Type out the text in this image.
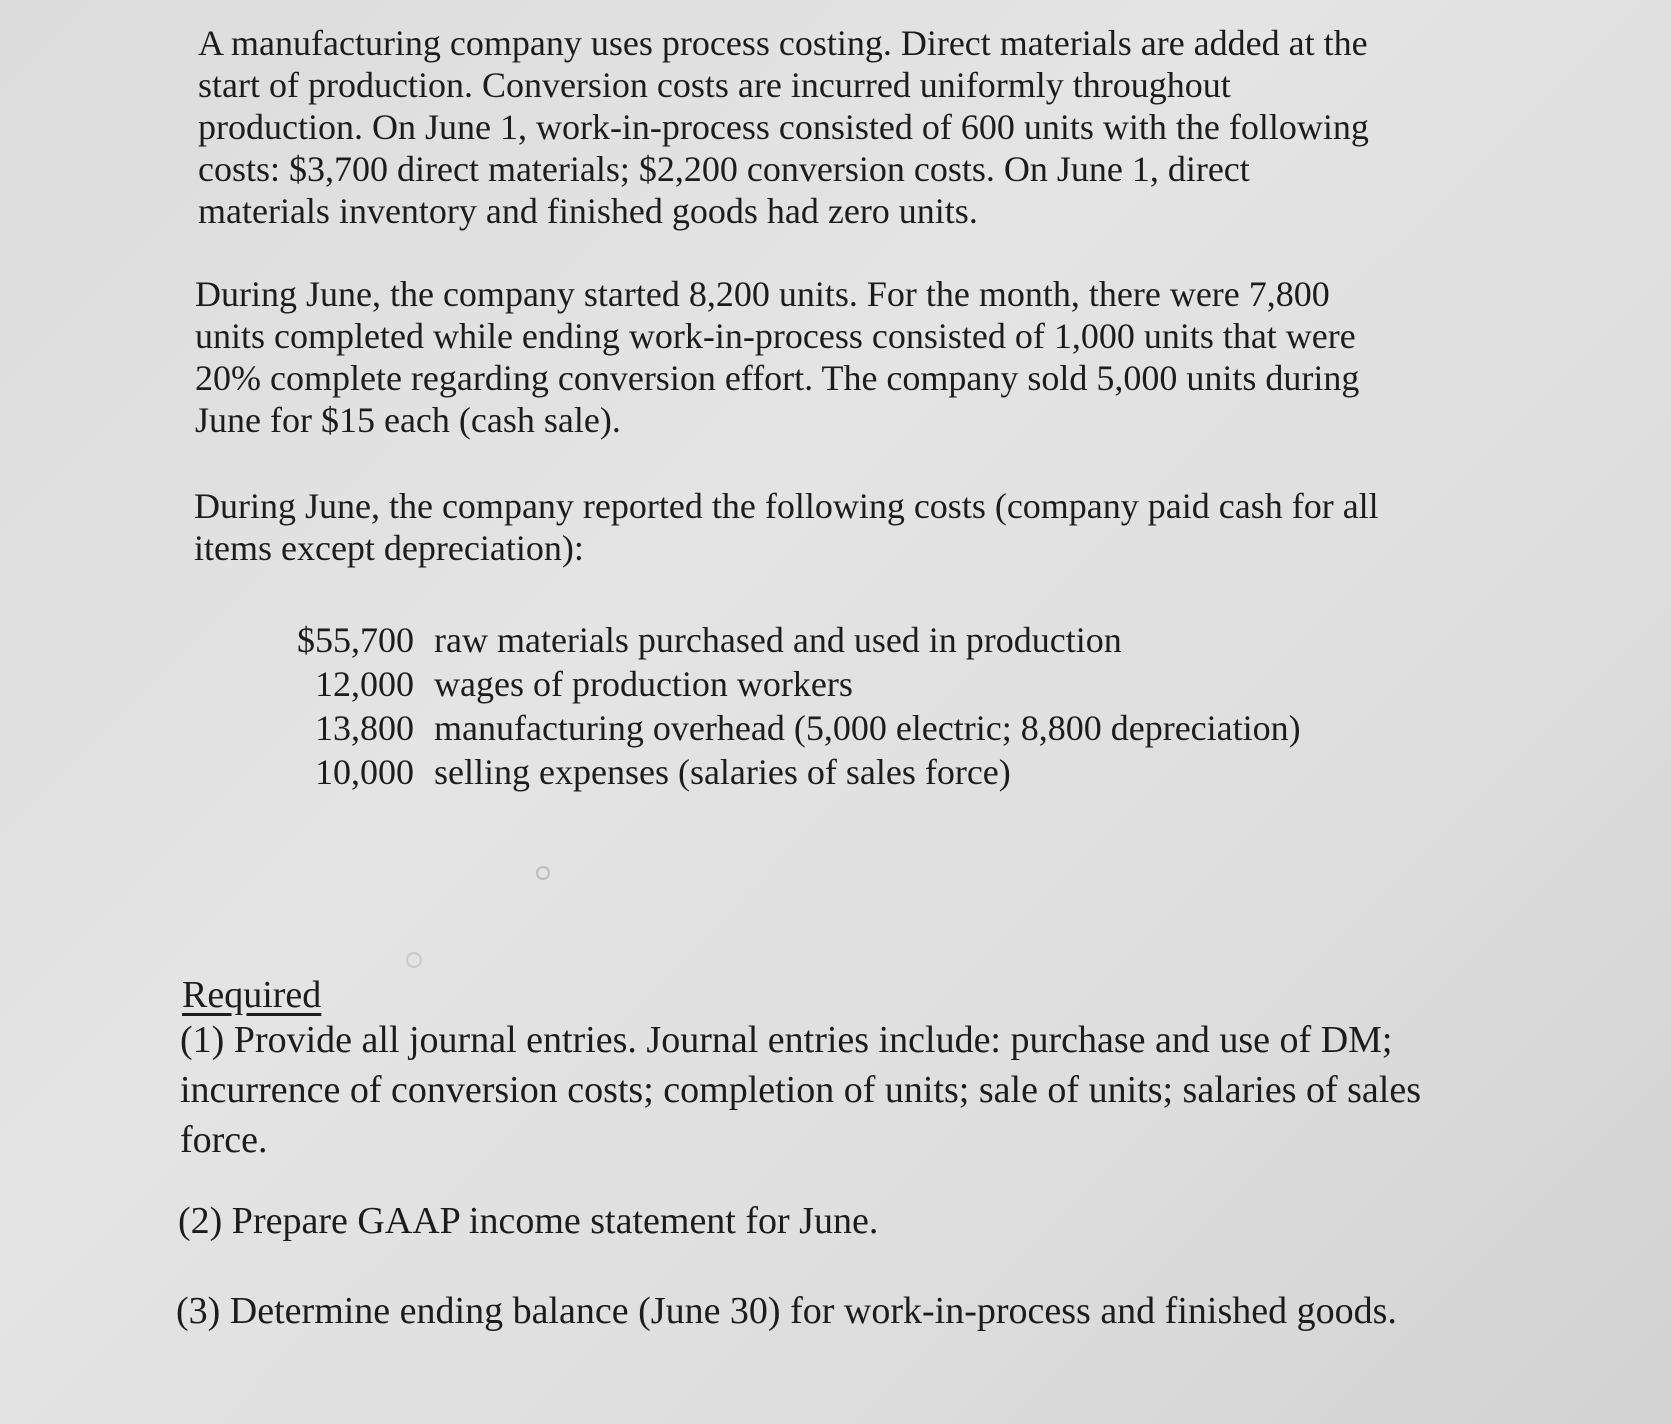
A manufacturing company uses process costing. Direct materials are added at the
start of production. Conversion costs are incurred uniformly throughout
production. On June 1, work-in-process consisted of 600 units with the following
costs: $3,700 direct materials; $2,200 conversion costs. On June 1, direct
materials inventory and finished goods had zero units.

During June, the company started 8,200 units. For the month, there were 7,800
units completed while ending work-in-process consisted of 1,000 units that were
20% complete regarding conversion effort. The company sold 5,000 units during
June for $15 each (cash sale).

During June, the company reported the following costs (company paid cash for all
items except depreciation):

$55,700 raw materials purchased and used in production
12,000 wages of production workers
13,800 manufacturing overhead (5,000 electric; 8,800 depreciation)
10,000 selling expenses (salaries of sales force)

Required

(1) Provide all journal entries. Journal entries include: purchase and use of DM;
incurrence of conversion costs; completion of units; sale of units; salaries of sales
force.

(2) Prepare GAAP income statement for June.

(3) Determine ending balance (June 30) for work-in-process and finished goods.
